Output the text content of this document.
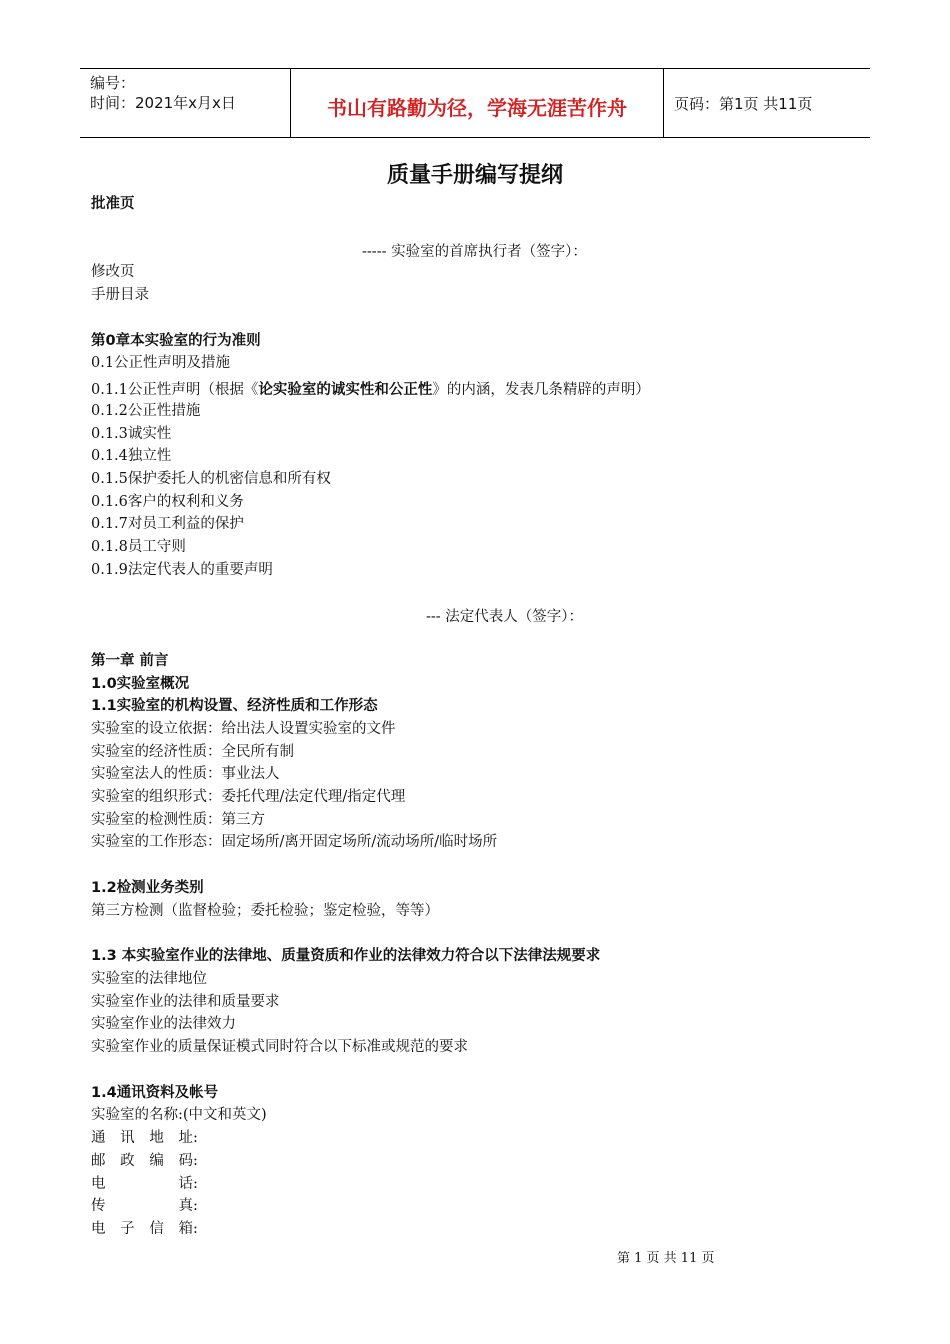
编号：
时间：2021年x月x日	书山有路勤为径，学海无涯苦作舟	页码：第1页 共11页
质量手册编写提纲
批准页
----- 实验室的首席执行者（签字）：
修改页
手册目录
第0章本实验室的行为准则
0.1公正性声明及措施
0.1.1公正性声明（根据《论实验室的诚实性和公正性》的内涵，发表几条精辟的声明）
0.1.2公正性措施
0.1.3诚实性
0.1.4独立性
0.1.5保护委托人的机密信息和所有权
0.1.6客户的权利和义务
0.1.7对员工利益的保护
0.1.8员工守则
0.1.9法定代表人的重要声明
--- 法定代表人（签字）：
第一章 前言
1.0实验室概况
1.1实验室的机构设置、经济性质和工作形态
实验室的设立依据：给出法人设置实验室的文件
实验室的经济性质：全民所有制
实验室法人的性质：事业法人
实验室的组织形式：委托代理/法定代理/指定代理
实验室的检测性质：第三方
实验室的工作形态：固定场所/离开固定场所/流动场所/临时场所
1.2检测业务类别
第三方检测（监督检验；委托检验；鉴定检验，等等）
1.3 本实验室作业的法律地、质量资质和作业的法律效力符合以下法律法规要求
实验室的法律地位
实验室作业的法律和质量要求
实验室作业的法律效力
实验室作业的质量保证模式同时符合以下标准或规范的要求
1.4通讯资料及帐号
实验室的名称:(中文和英文)
通讯地址:
邮政编码:
电话:
传真:
电子信箱:
第 1 页 共 11 页
